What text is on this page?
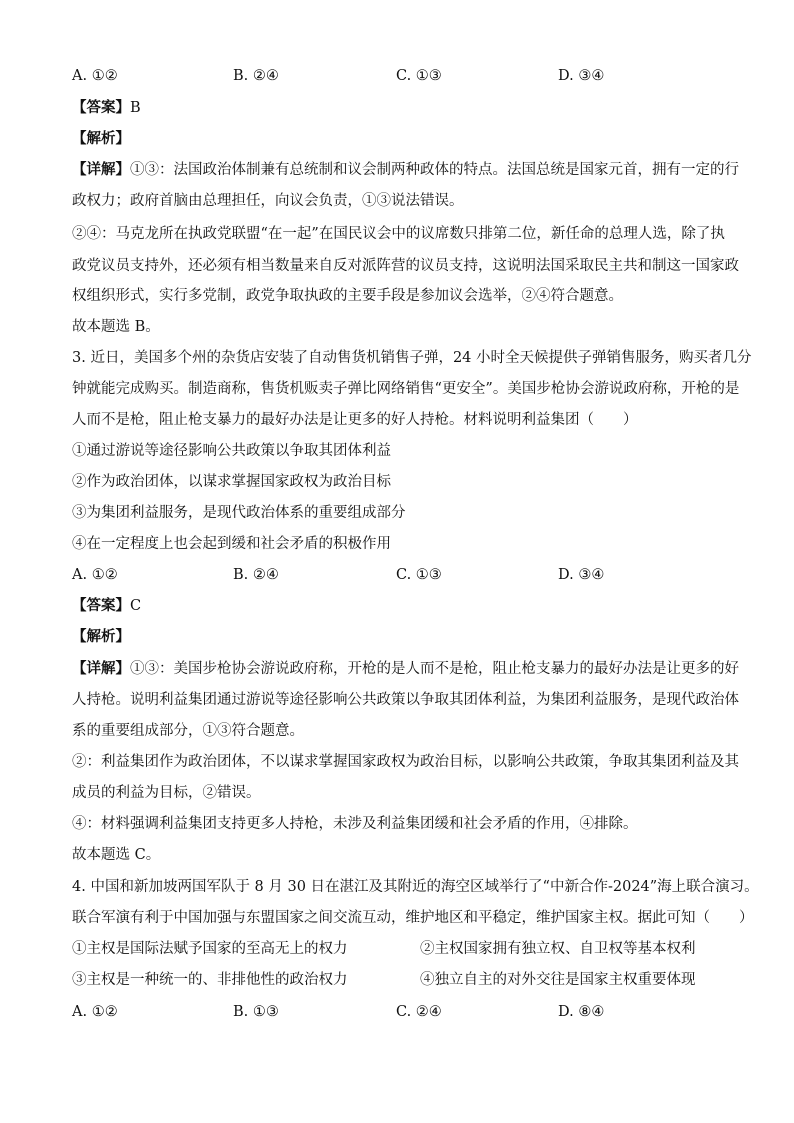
A. ①②	B. ②④	C. ①③	D. ③④
【答案】B
【解析】
【详解】①③：法国政治体制兼有总统制和议会制两种政体的特点。法国总统是国家元首，拥有一定的行
政权力；政府首脑由总理担任，向议会负责，①③说法错误。
②④：马克龙所在执政党联盟“在一起”在国民议会中的议席数只排第二位，新任命的总理人选，除了执
政党议员支持外，还必须有相当数量来自反对派阵营的议员支持，这说明法国采取民主共和制这一国家政
权组织形式，实行多党制，政党争取执政的主要手段是参加议会选举，②④符合题意。
故本题选 B。
3. 近日，美国多个州的杂货店安装了自动售货机销售子弹，24 小时全天候提供子弹销售服务，购买者几分
钟就能完成购买。制造商称，售货机贩卖子弹比网络销售“更安全”。美国步枪协会游说政府称，开枪的是
人而不是枪，阻止枪支暴力的最好办法是让更多的好人持枪。材料说明利益集团（　　）
①通过游说等途径影响公共政策以争取其团体利益
②作为政治团体，以谋求掌握国家政权为政治目标
③为集团利益服务，是现代政治体系的重要组成部分
④在一定程度上也会起到缓和社会矛盾的积极作用
A. ①②	B. ②④	C. ①③	D. ③④
【答案】C
【解析】
【详解】①③：美国步枪协会游说政府称，开枪的是人而不是枪，阻止枪支暴力的最好办法是让更多的好
人持枪。说明利益集团通过游说等途径影响公共政策以争取其团体利益，为集团利益服务，是现代政治体
系的重要组成部分，①③符合题意。
②：利益集团作为政治团体，不以谋求掌握国家政权为政治目标，以影响公共政策，争取其集团利益及其
成员的利益为目标，②错误。
④：材料强调利益集团支持更多人持枪，未涉及利益集团缓和社会矛盾的作用，④排除。
故本题选 C。
4. 中国和新加坡两国军队于 8 月 30 日在湛江及其附近的海空区域举行了“中新合作-2024”海上联合演习。
联合军演有利于中国加强与东盟国家之间交流互动，维护地区和平稳定，维护国家主权。据此可知（　　）
①主权是国际法赋予国家的至高无上的权力	②主权国家拥有独立权、自卫权等基本权利
③主权是一种统一的、非排他性的政治权力	④独立自主的对外交往是国家主权重要体现
A. ①②	B. ①③	C. ②④	D. ⑧④
